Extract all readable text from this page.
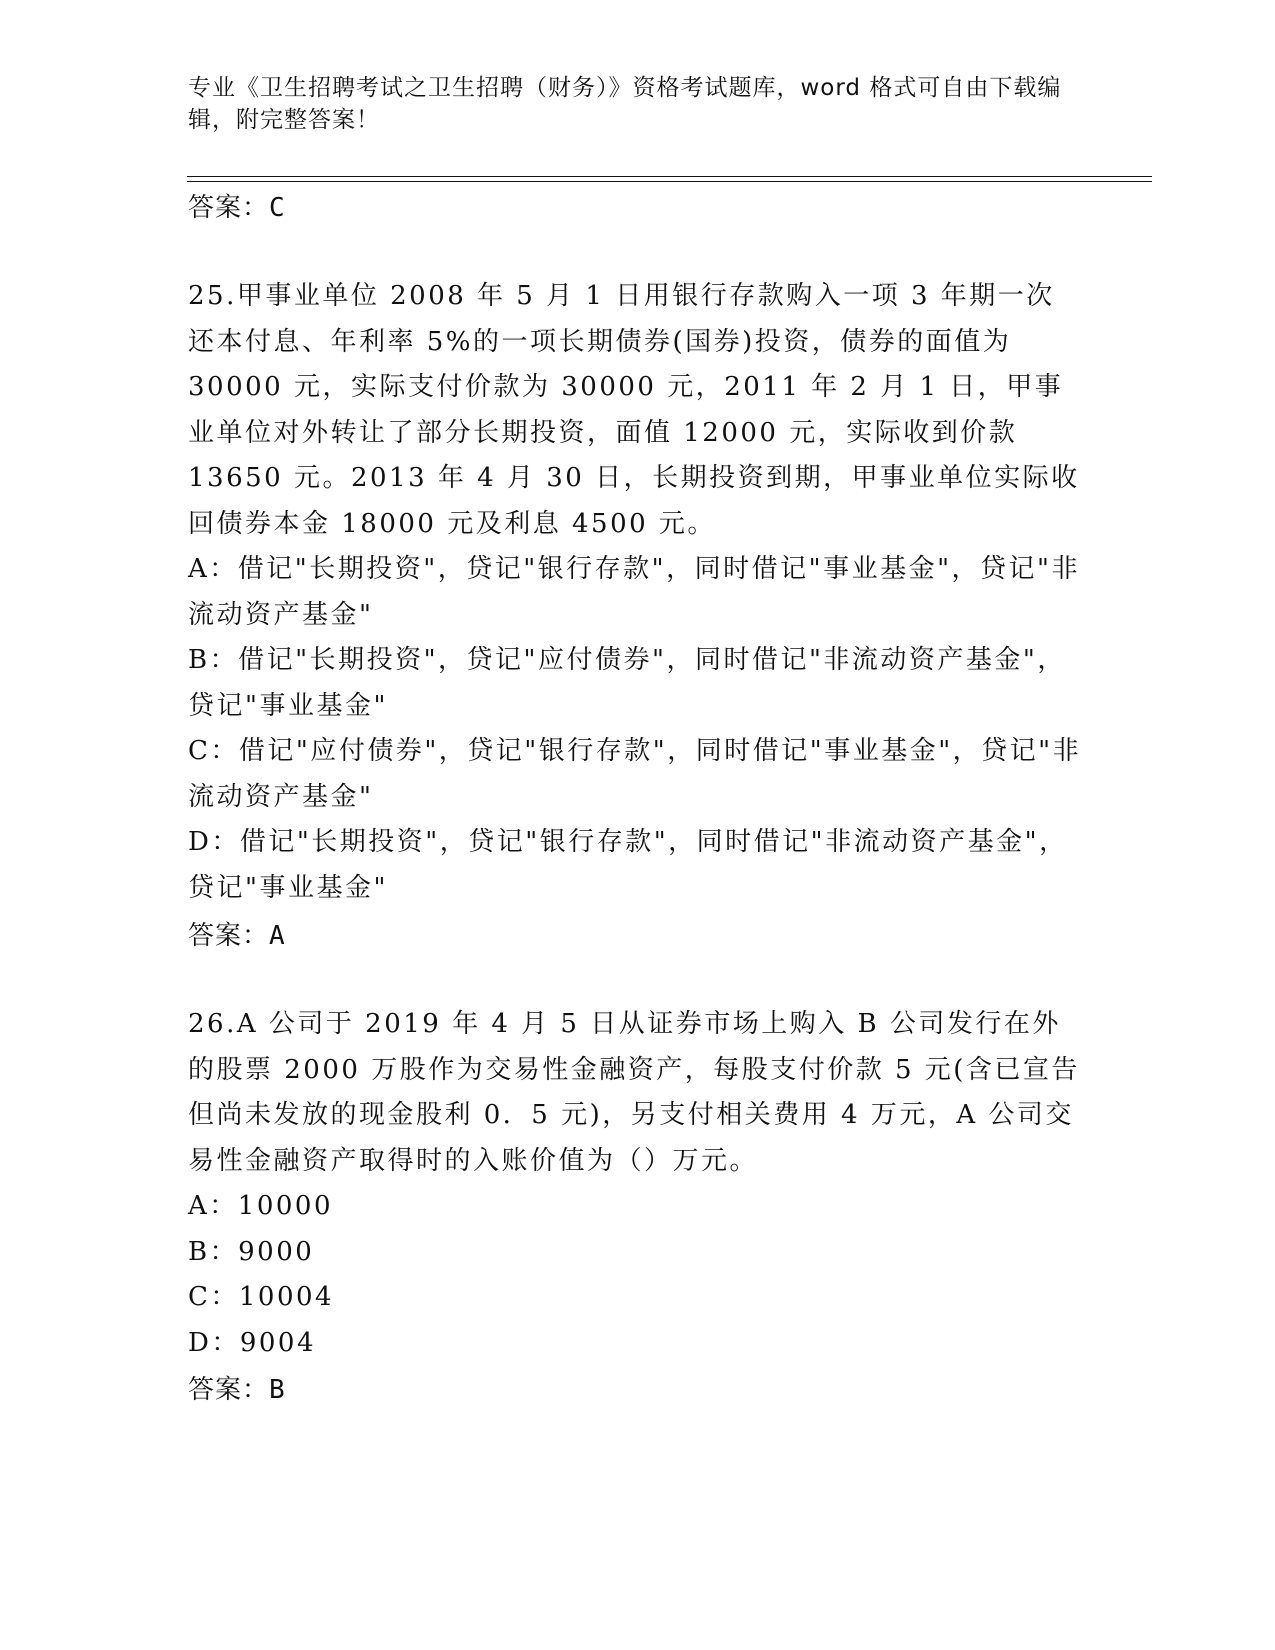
专业《卫生招聘考试之卫生招聘（财务）》资格考试题库，word 格式可自由下载编辑，附完整答案！
答案：C

25.甲事业单位 2008 年 5 月 1 日用银行存款购入一项 3 年期一次还本付息、年利率 5%的一项长期债券(国券)投资，债券的面值为 30000 元，实际支付价款为 30000 元，2011 年 2 月 1 日，甲事业单位对外转让了部分长期投资，面值 12000 元，实际收到价款 13650 元。2013 年 4 月 30 日，长期投资到期，甲事业单位实际收回债券本金 18000 元及利息 4500 元。

A：借记"长期投资"，贷记"银行存款"，同时借记"事业基金"，贷记"非流动资产基金"

B：借记"长期投资"，贷记"应付债券"，同时借记"非流动资产基金"，贷记"事业基金"

C：借记"应付债券"，贷记"银行存款"，同时借记"事业基金"，贷记"非流动资产基金"

D：借记"长期投资"，贷记"银行存款"，同时借记"非流动资产基金"，贷记"事业基金"

答案：A

26.A 公司于 2019 年 4 月 5 日从证券市场上购入 B 公司发行在外的股票 2000 万股作为交易性金融资产，每股支付价款 5 元(含已宣告但尚未发放的现金股利 0．5 元)，另支付相关费用 4 万元，A 公司交易性金融资产取得时的入账价值为（）万元。

A：10000

B：9000

C：10004

D：9004

答案：B
